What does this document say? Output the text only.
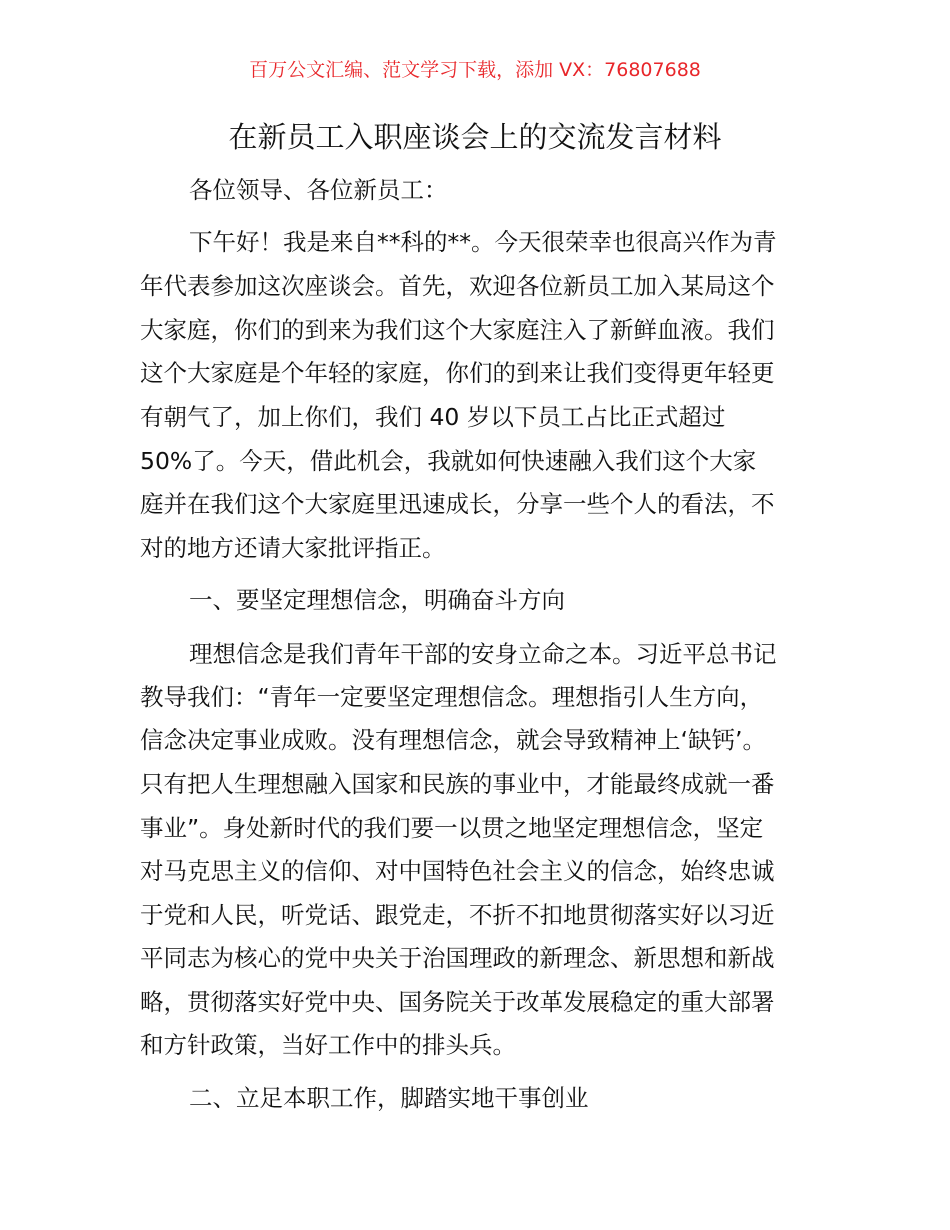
百万公文汇编、范文学习下载，添加 VX：76807688
在新员工入职座谈会上的交流发言材料
各位领导、各位新员工：
下午好！我是来自**科的**。今天很荣幸也很高兴作为青
年代表参加这次座谈会。首先，欢迎各位新员工加入某局这个
大家庭，你们的到来为我们这个大家庭注入了新鲜血液。我们
这个大家庭是个年轻的家庭，你们的到来让我们变得更年轻更
有朝气了，加上你们，我们 40 岁以下员工占比正式超过
50%了。今天，借此机会，我就如何快速融入我们这个大家
庭并在我们这个大家庭里迅速成长，分享一些个人的看法，不
对的地方还请大家批评指正。
一、要坚定理想信念，明确奋斗方向
理想信念是我们青年干部的安身立命之本。习近平总书记
教导我们：“青年一定要坚定理想信念。理想指引人生方向，
信念决定事业成败。没有理想信念，就会导致精神上‘缺钙’。
只有把人生理想融入国家和民族的事业中，才能最终成就一番
事业”。身处新时代的我们要一以贯之地坚定理想信念，坚定
对马克思主义的信仰、对中国特色社会主义的信念，始终忠诚
于党和人民，听党话、跟党走，不折不扣地贯彻落实好以习近
平同志为核心的党中央关于治国理政的新理念、新思想和新战
略，贯彻落实好党中央、国务院关于改革发展稳定的重大部署
和方针政策，当好工作中的排头兵。
二、立足本职工作，脚踏实地干事创业
